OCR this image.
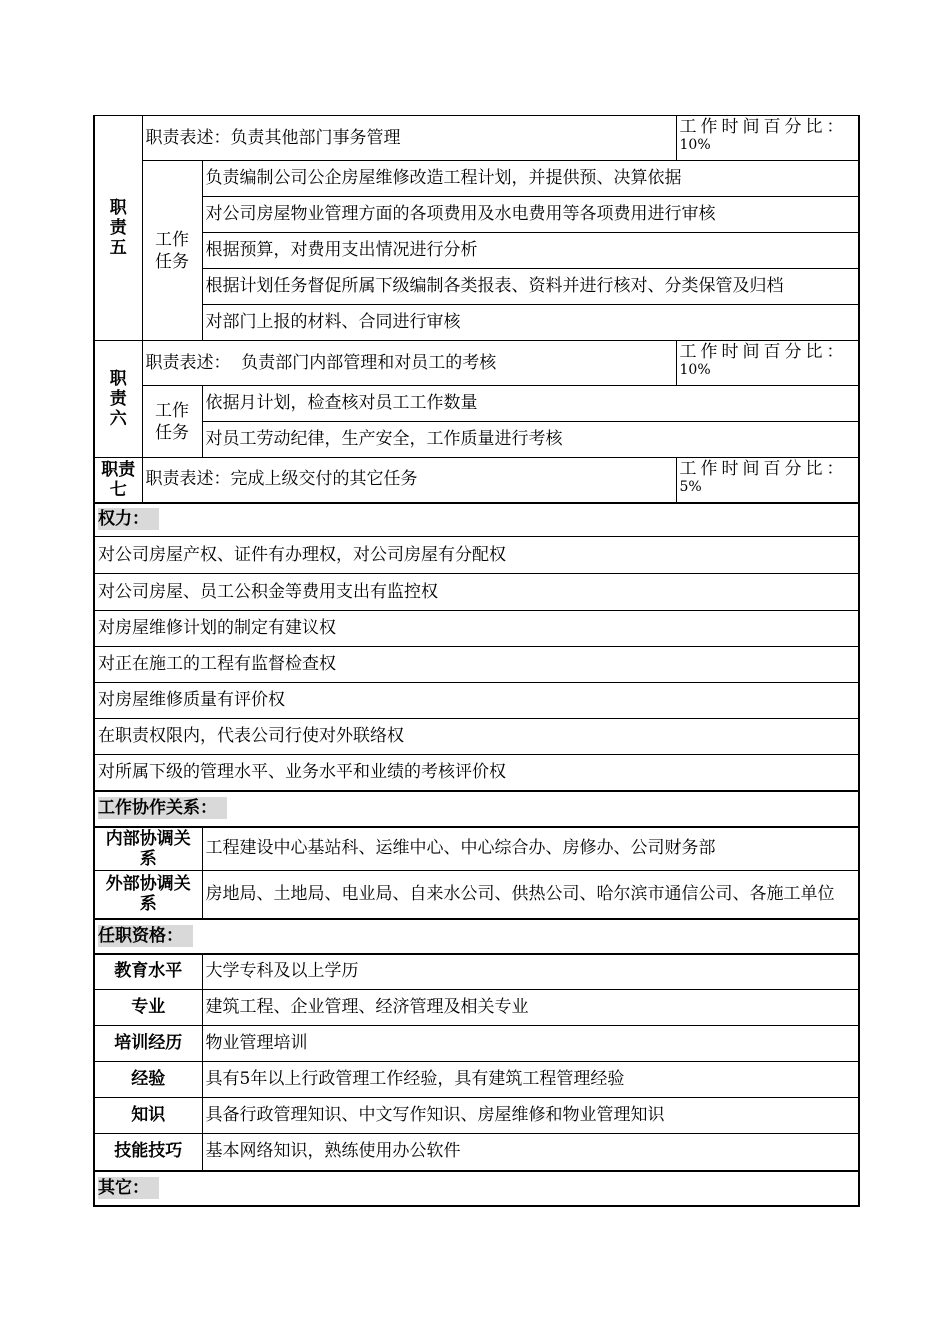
职
责
五	职责表述：负责其他部门事务管理		工作时间百分比：
10%

	工作
任务	负责编制公司公企房屋维修改造工程计划，并提供预、决算依据	
		对公司房屋物业管理方面的各项费用及水电费用等各项费用进行审核	
		根据预算，对费用支出情况进行分析	
		根据计划任务督促所属下级编制各类报表、资料并进行核对、分类保管及归档	
		对部门上报的材料、合同进行审核	
职
责
六	职责表述：  负责部门内部管理和对员工的考核		工作时间百分比：
10%

	工作
任务	依据月计划，检查核对员工工作数量	
		对员工劳动纪律，生产安全，工作质量进行考核	
职责
七	职责表述：完成上级交付的其它任务		工作时间百分比：
5%

权力：			
对公司房屋产权、证件有办理权，对公司房屋有分配权			
对公司房屋、员工公积金等费用支出有监控权			
对房屋维修计划的制定有建议权			
对正在施工的工程有监督检查权			
对房屋维修质量有评价权			
在职责权限内，代表公司行使对外联络权			
对所属下级的管理水平、业务水平和业绩的考核评价权			
工作协作关系：			
内部协调关
系		工程建设中心基站科、运维中心、中心综合办、房修办、公司财务部	
外部协调关
系		房地局、土地局、电业局、自来水公司、供热公司、哈尔滨市通信公司、各施工单位	
任职资格：			
教育水平		大学专科及以上学历	
专业		建筑工程、企业管理、经济管理及相关专业	
培训经历		物业管理培训	
经验		具有5年以上行政管理工作经验，具有建筑工程管理经验	
知识		具备行政管理知识、中文写作知识、房屋维修和物业管理知识	
技能技巧		基本网络知识，熟练使用办公软件	
其它：			
